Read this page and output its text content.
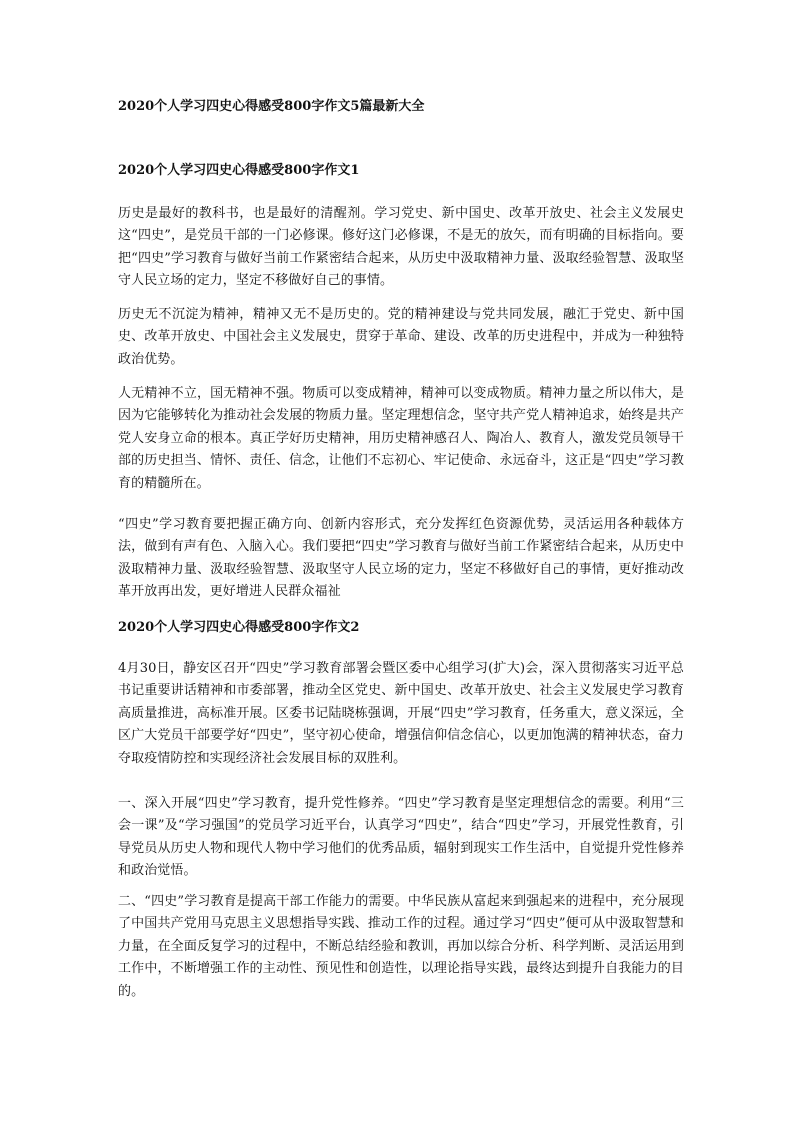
2020个人学习四史心得感受800字作文5篇最新大全
2020个人学习四史心得感受800字作文1
历史是最好的教科书，也是最好的清醒剂。学习党史、新中国史、改革开放史、社会主义发展史这“四史”，是党员干部的一门必修课。修好这门必修课，不是无的放矢，而有明确的目标指向。要把“四史”学习教育与做好当前工作紧密结合起来，从历史中汲取精神力量、汲取经验智慧、汲取坚守人民立场的定力，坚定不移做好自己的事情。
历史无不沉淀为精神，精神又无不是历史的。党的精神建设与党共同发展，融汇于党史、新中国史、改革开放史、中国社会主义发展史，贯穿于革命、建设、改革的历史进程中，并成为一种独特政治优势。
人无精神不立，国无精神不强。物质可以变成精神，精神可以变成物质。精神力量之所以伟大，是因为它能够转化为推动社会发展的物质力量。坚定理想信念，坚守共产党人精神追求，始终是共产党人安身立命的根本。真正学好历史精神，用历史精神感召人、陶冶人、教育人，激发党员领导干部的历史担当、情怀、责任、信念，让他们不忘初心、牢记使命、永远奋斗，这正是“四史”学习教育的精髓所在。
“四史”学习教育要把握正确方向、创新内容形式，充分发挥红色资源优势，灵活运用各种载体方法，做到有声有色、入脑入心。我们要把“四史”学习教育与做好当前工作紧密结合起来，从历史中汲取精神力量、汲取经验智慧、汲取坚守人民立场的定力，坚定不移做好自己的事情，更好推动改革开放再出发，更好增进人民群众福祉
2020个人学习四史心得感受800字作文2
4月30日，静安区召开“四史”学习教育部署会暨区委中心组学习(扩大)会，深入贯彻落实习近平总书记重要讲话精神和市委部署，推动全区党史、新中国史、改革开放史、社会主义发展史学习教育高质量推进，高标准开展。区委书记陆晓栋强调，开展“四史”学习教育，任务重大，意义深远，全区广大党员干部要学好“四史”，坚守初心使命，增强信仰信念信心，以更加饱满的精神状态，奋力夺取疫情防控和实现经济社会发展目标的双胜利。
一、深入开展“四史”学习教育，提升党性修养。“四史”学习教育是坚定理想信念的需要。利用“三会一课”及“学习强国”的党员学习近平台，认真学习“四史”，结合“四史”学习，开展党性教育，引导党员从历史人物和现代人物中学习他们的优秀品质，辐射到现实工作生活中，自觉提升党性修养和政治觉悟。
二、“四史”学习教育是提高干部工作能力的需要。中华民族从富起来到强起来的进程中，充分展现了中国共产党用马克思主义思想指导实践、推动工作的过程。通过学习“四史”便可从中汲取智慧和力量，在全面反复学习的过程中，不断总结经验和教训，再加以综合分析、科学判断、灵活运用到工作中，不断增强工作的主动性、预见性和创造性，以理论指导实践，最终达到提升自我能力的目的。
